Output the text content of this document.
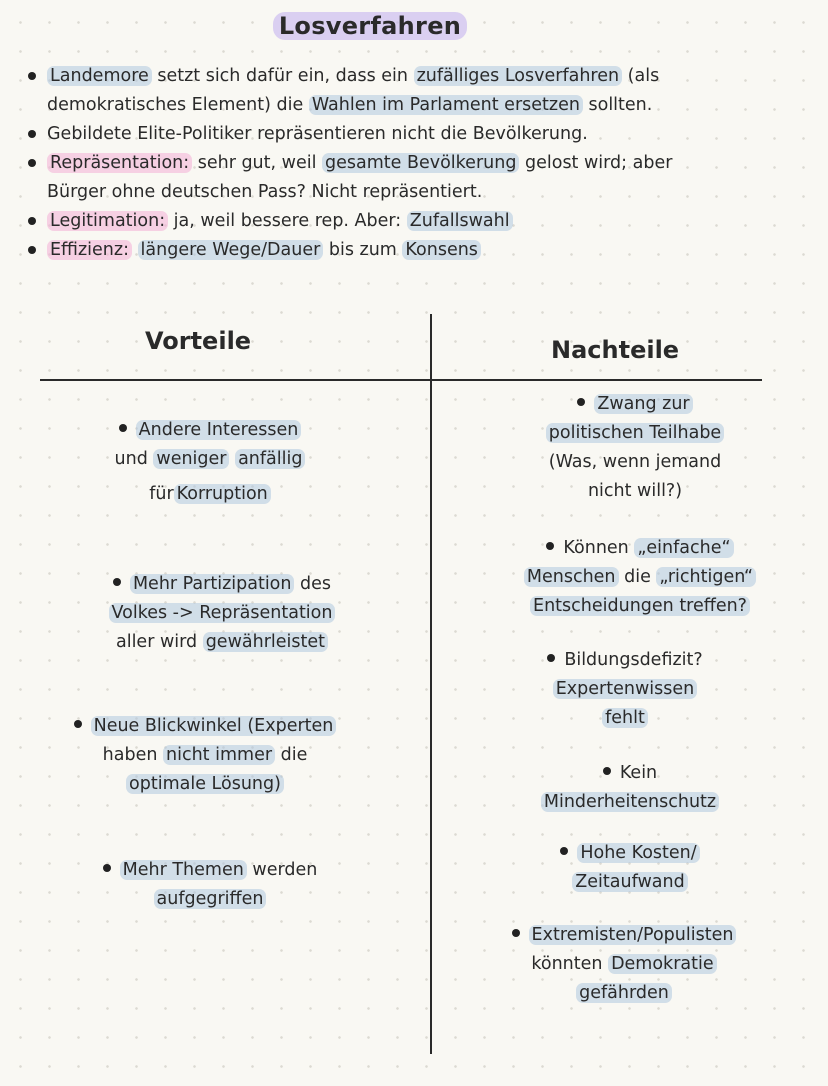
Losverfahren
Landemore setzt sich dafür ein, dass ein zufälliges Losverfahren (als
demokratisches Element) die Wahlen im Parlament ersetzen sollten.
Gebildete Elite-Politiker repräsentieren nicht die Bevölkerung.
Repräsentation: sehr gut, weil gesamte Bevölkerung gelost wird; aber
Bürger ohne deutschen Pass? Nicht repräsentiert.
Legitimation: ja, weil bessere rep. Aber: Zufallswahl
Effizienz: längere Wege/Dauer bis zum Konsens
Vorteile	Nachteile
Andere Interessen
und weniger anfällig
fürKorruption
Mehr Partizipation des
Volkes -> Repräsentation
aller wird gewährleistet
Neue Blickwinkel (Experten
haben nicht immer die
optimale Lösung)
Mehr Themen werden
aufgegriffen
Zwang zur
politischen Teilhabe
(Was, wenn jemand
nicht will?)
Können „einfache“
Menschen die „richtigen“
Entscheidungen treffen?
Bildungsdefizit?
Expertenwissen
fehlt
Kein
Minderheitenschutz
Hohe Kosten/
Zeitaufwand
Extremisten/Populisten
könnten Demokratie
gefährden
